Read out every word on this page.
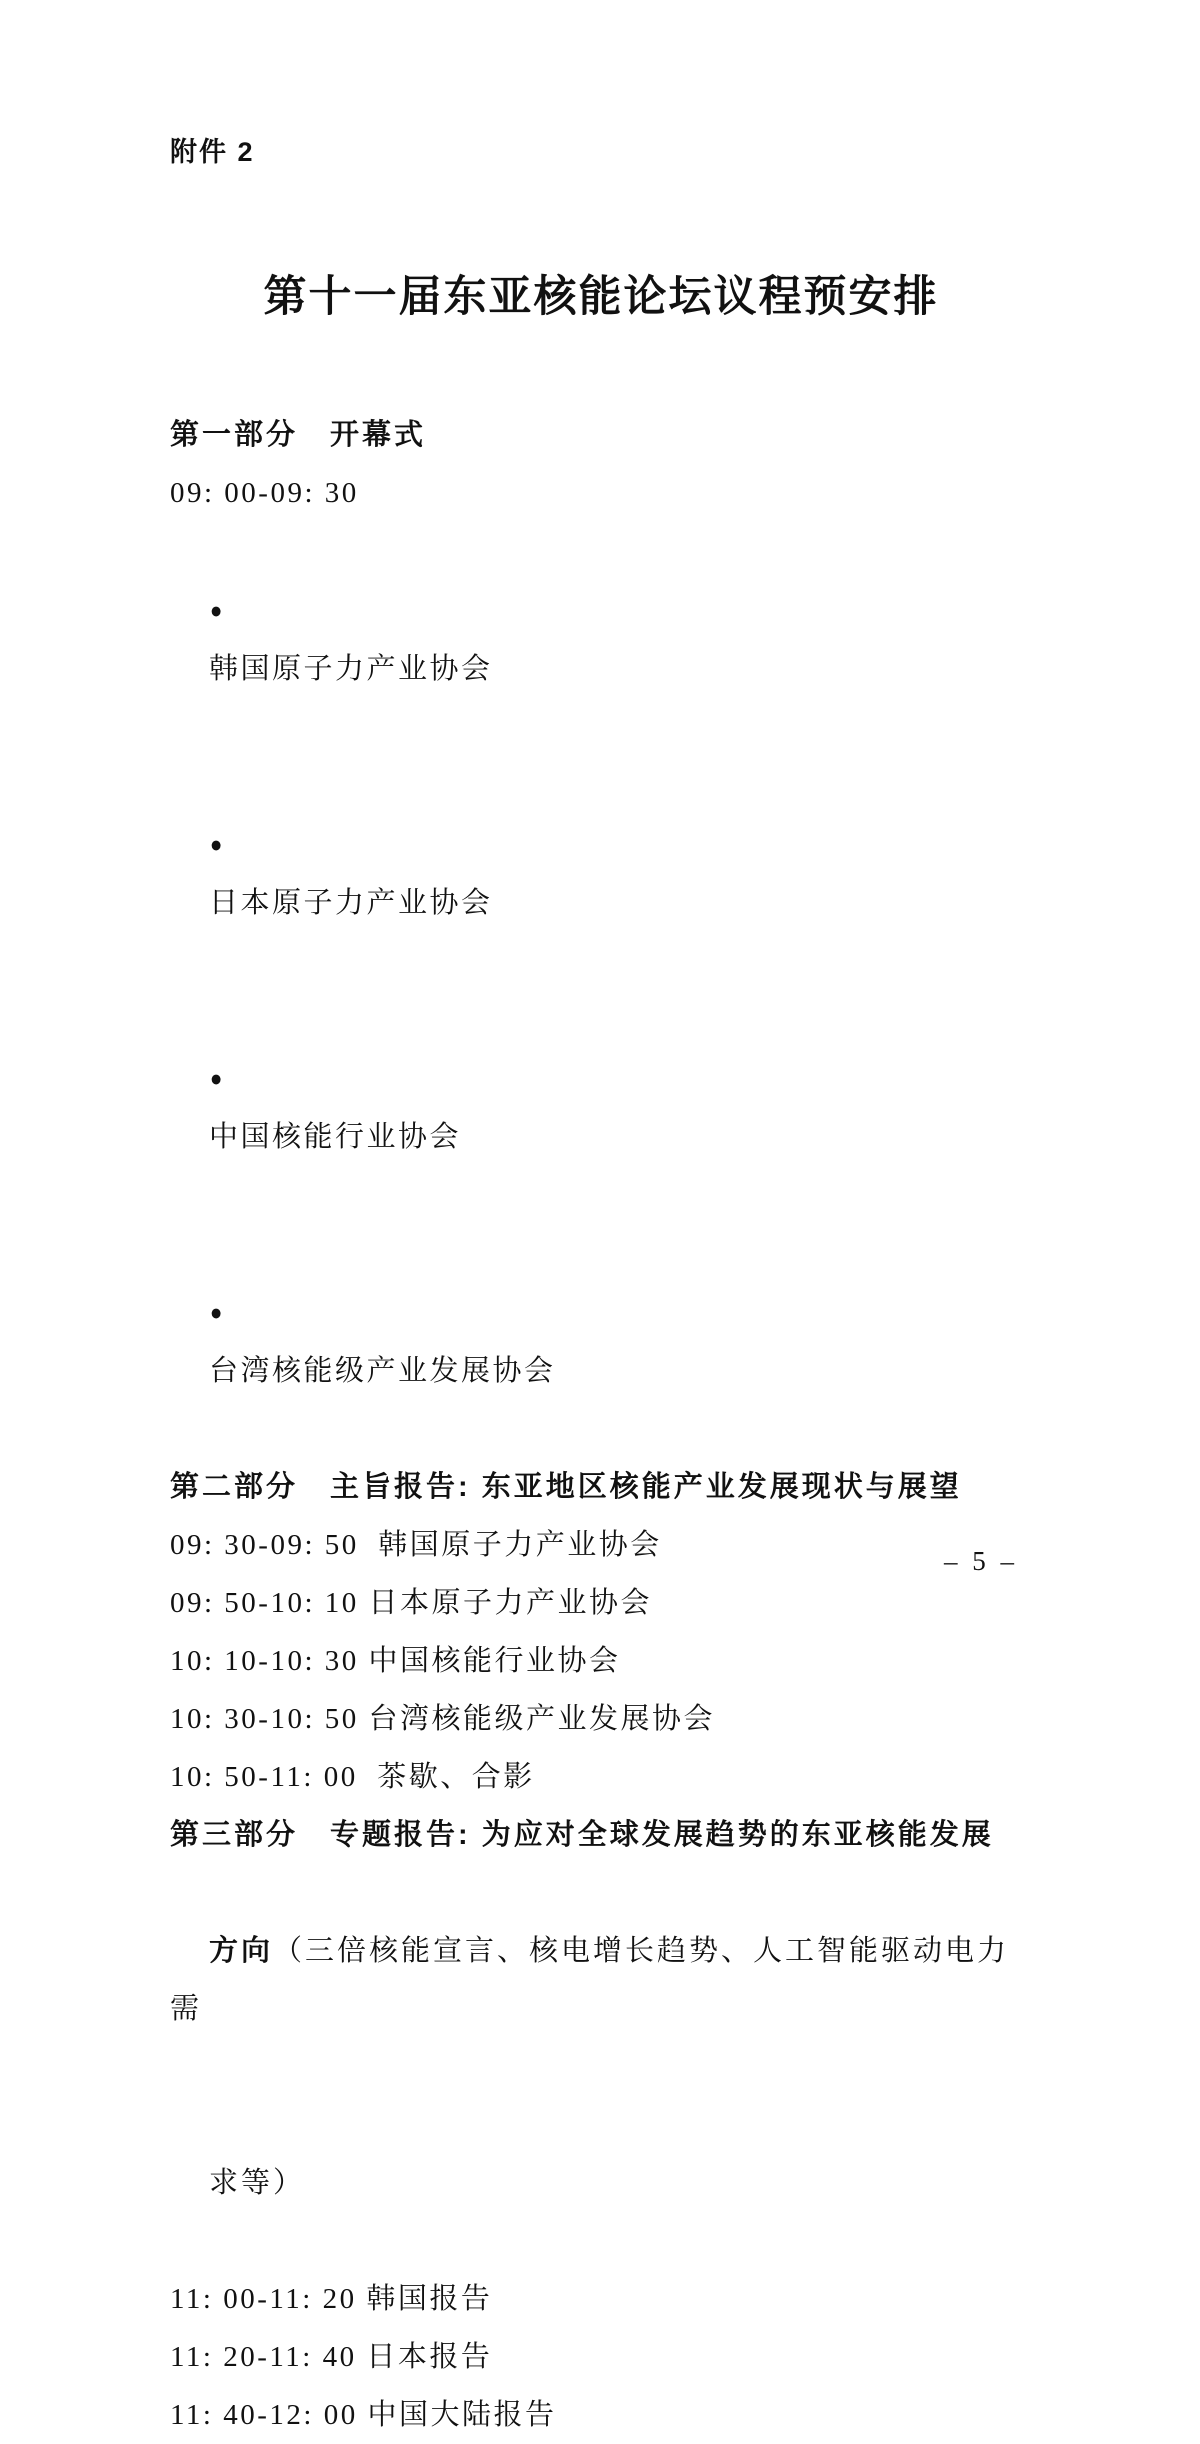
附件 2
第十一届东亚核能论坛议程预安排
第一部分　开幕式
09: 00-09: 30

●
韩国原子力产业协会

●
日本原子力产业协会

●
中国核能行业协会

●
台湾核能级产业发展协会

第二部分　主旨报告: 东亚地区核能产业发展现状与展望
09: 30-09: 50  韩国原子力产业协会
09: 50-10: 10 日本原子力产业协会
10: 10-10: 30 中国核能行业协会
10: 30-10: 50 台湾核能级产业发展协会
10: 50-11: 00  茶歇、合影
第三部分　专题报告: 为应对全球发展趋势的东亚核能发展

方向（三倍核能宣言、核电增长趋势、人工智能驱动电力需

求等）

11: 00-11: 20 韩国报告
11: 20-11: 40 日本报告
11: 40-12: 00 中国大陆报告
– 5 –
